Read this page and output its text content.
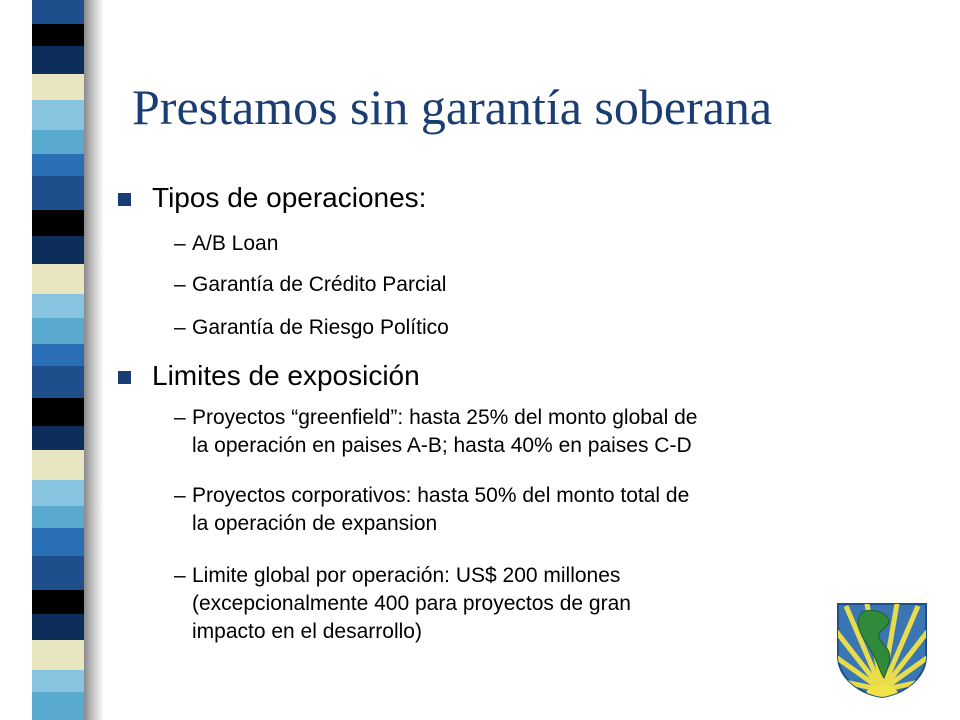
Prestamos sin garantía soberana
Tipos de operaciones:
– A/B Loan
– Garantía de Crédito Parcial
– Garantía de Riesgo Político
Limites de exposición
– Proyectos “greenfield”: hasta 25% del monto global de
la operación en paises A-B; hasta 40% en paises C-D
– Proyectos corporativos: hasta 50% del monto total de
la operación de expansion
– Limite global por operación: US$ 200 millones
(excepcionalmente 400 para proyectos de gran
impacto en el desarrollo)
